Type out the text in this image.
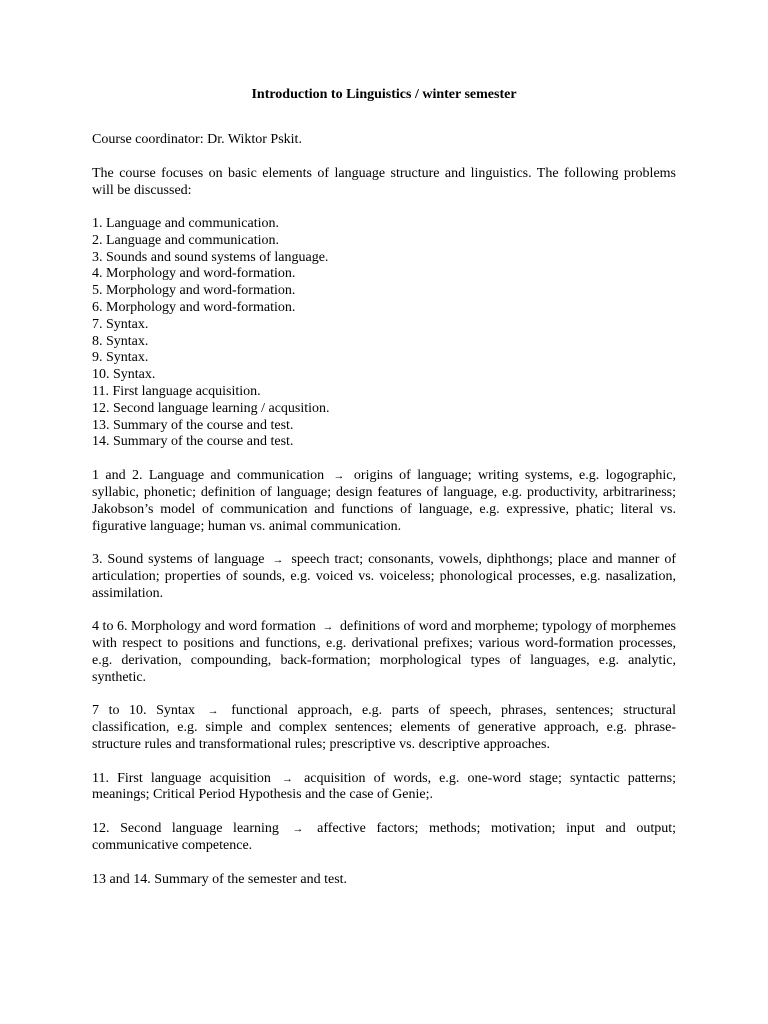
Introduction to Linguistics / winter semester

Course coordinator: Dr. Wiktor Pskit.

The course focuses on basic elements of language structure and linguistics. The following problems will be discussed:

1. Language and communication.
2. Language and communication.
3. Sounds and sound systems of language.
4. Morphology and word-formation.
5. Morphology and word-formation.
6. Morphology and word-formation.
7. Syntax.
8. Syntax.
9. Syntax.
10. Syntax.
11. First language acquisition.
12. Second language learning / acqusition.
13. Summary of the course and test.
14. Summary of the course and test.

1 and 2. Language and communication → origins of language; writing systems, e.g. logographic, syllabic, phonetic; definition of language; design features of language, e.g. productivity, arbitrariness; Jakobson’s model of communication and functions of language, e.g. expressive, phatic; literal vs. figurative language; human vs. animal communication.

3. Sound systems of language → speech tract; consonants, vowels, diphthongs; place and manner of articulation; properties of sounds, e.g. voiced vs. voiceless; phonological processes, e.g. nasalization, assimilation.

4 to 6. Morphology and word formation → definitions of word and morpheme; typology of morphemes with respect to positions and functions, e.g. derivational prefixes; various word-formation processes, e.g. derivation, compounding, back-formation; morphological types of languages, e.g. analytic, synthetic.

7 to 10. Syntax → functional approach, e.g. parts of speech, phrases, sentences; structural classification, e.g. simple and complex sentences; elements of generative approach, e.g. phrase-structure rules and transformational rules; prescriptive vs. descriptive approaches.

11. First language acquisition → acquisition of words, e.g. one-word stage; syntactic patterns; meanings; Critical Period Hypothesis and the case of Genie;.

12. Second language learning → affective factors; methods; motivation; input and output; communicative competence.

13 and 14. Summary of the semester and test.
